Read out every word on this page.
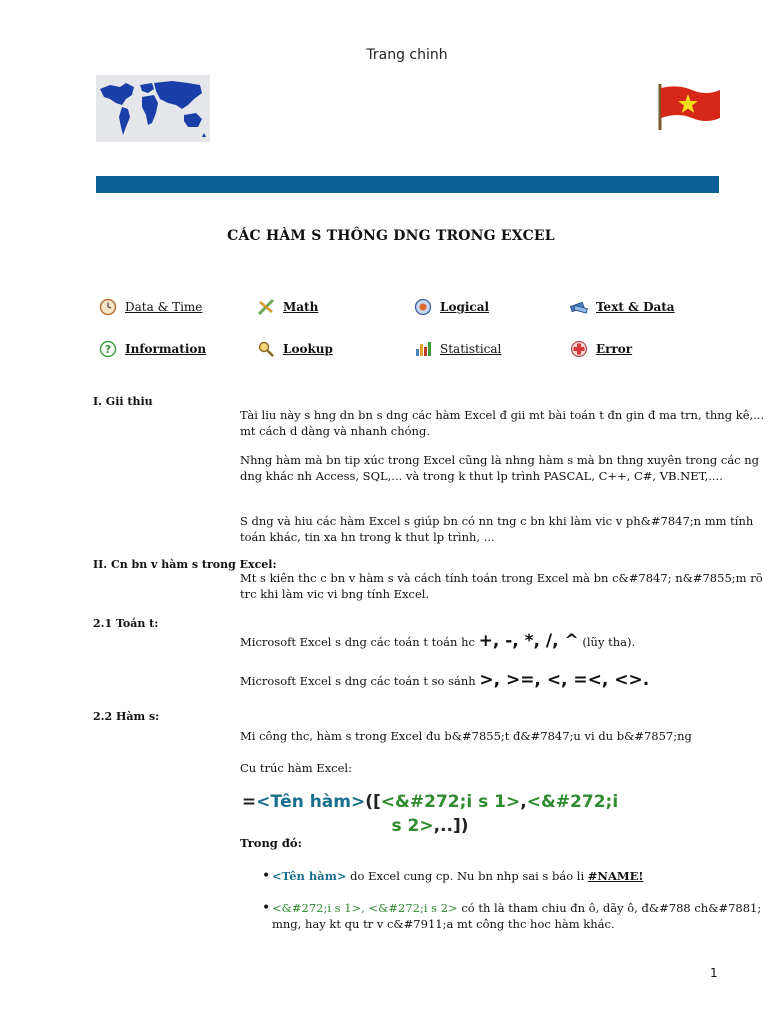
Trang chinh
CÁC HÀM S THÔNG DNG TRONG EXCEL
Data & Time	Math	Logical	Text & Data
? Information	Lookup	Statistical	Error
I. Gii thiu
Tài liu này s hng dn bn s dng các hàm Excel đ gii mt bài toán t đn gin đ ma trn, thng kê,... mt cách d dàng và nhanh chóng.
Nhng hàm mà bn tip xúc trong Excel cũng là nhng hàm s mà bn thng xuyên trong các ng dng khác nh Access, SQL,... và trong k thut lp trình PASCAL, C++, C#, VB.NET,....
S dng và hiu các hàm Excel s giúp bn có nn tng c bn khi làm vic v ph&#7847;n mm tính toán khác, tin xa hn trong k thut lp trình, ...
II. Cn bn v hàm s trong Excel:
Mt s kiên thc c bn v hàm s và cách tính toán trong Excel mà bn c&#7847; n&#7855;m rõ trc khi làm vic vi bng tính Excel.
2.1 Toán t:
Microsoft Excel s dng các toán t toán hc +, -, *, /, ^ (lũy tha).
Microsoft Excel s dng các toán t so sánh >, >=, <, =<, <>.
2.2 Hàm s:
Mi công thc, hàm s trong Excel đu b&#7855;t đ&#7847;u vi du b&#7857;ng
Cu trúc hàm Excel:
=<Tên hàm>([<&#272;i s 1>,<&#272;i s 2>,..])
Trong đó:
• <Tên hàm> do Excel cung cp. Nu bn nhp sai s báo li #NAME!
• <&#272;i s 1>, <&#272;i s 2> có th là tham chiu đn ô, dãy ô, đ&#788 ch&#7881; mng, hay kt qu tr v c&#7911;a mt công thc hoc hàm khác.
1
